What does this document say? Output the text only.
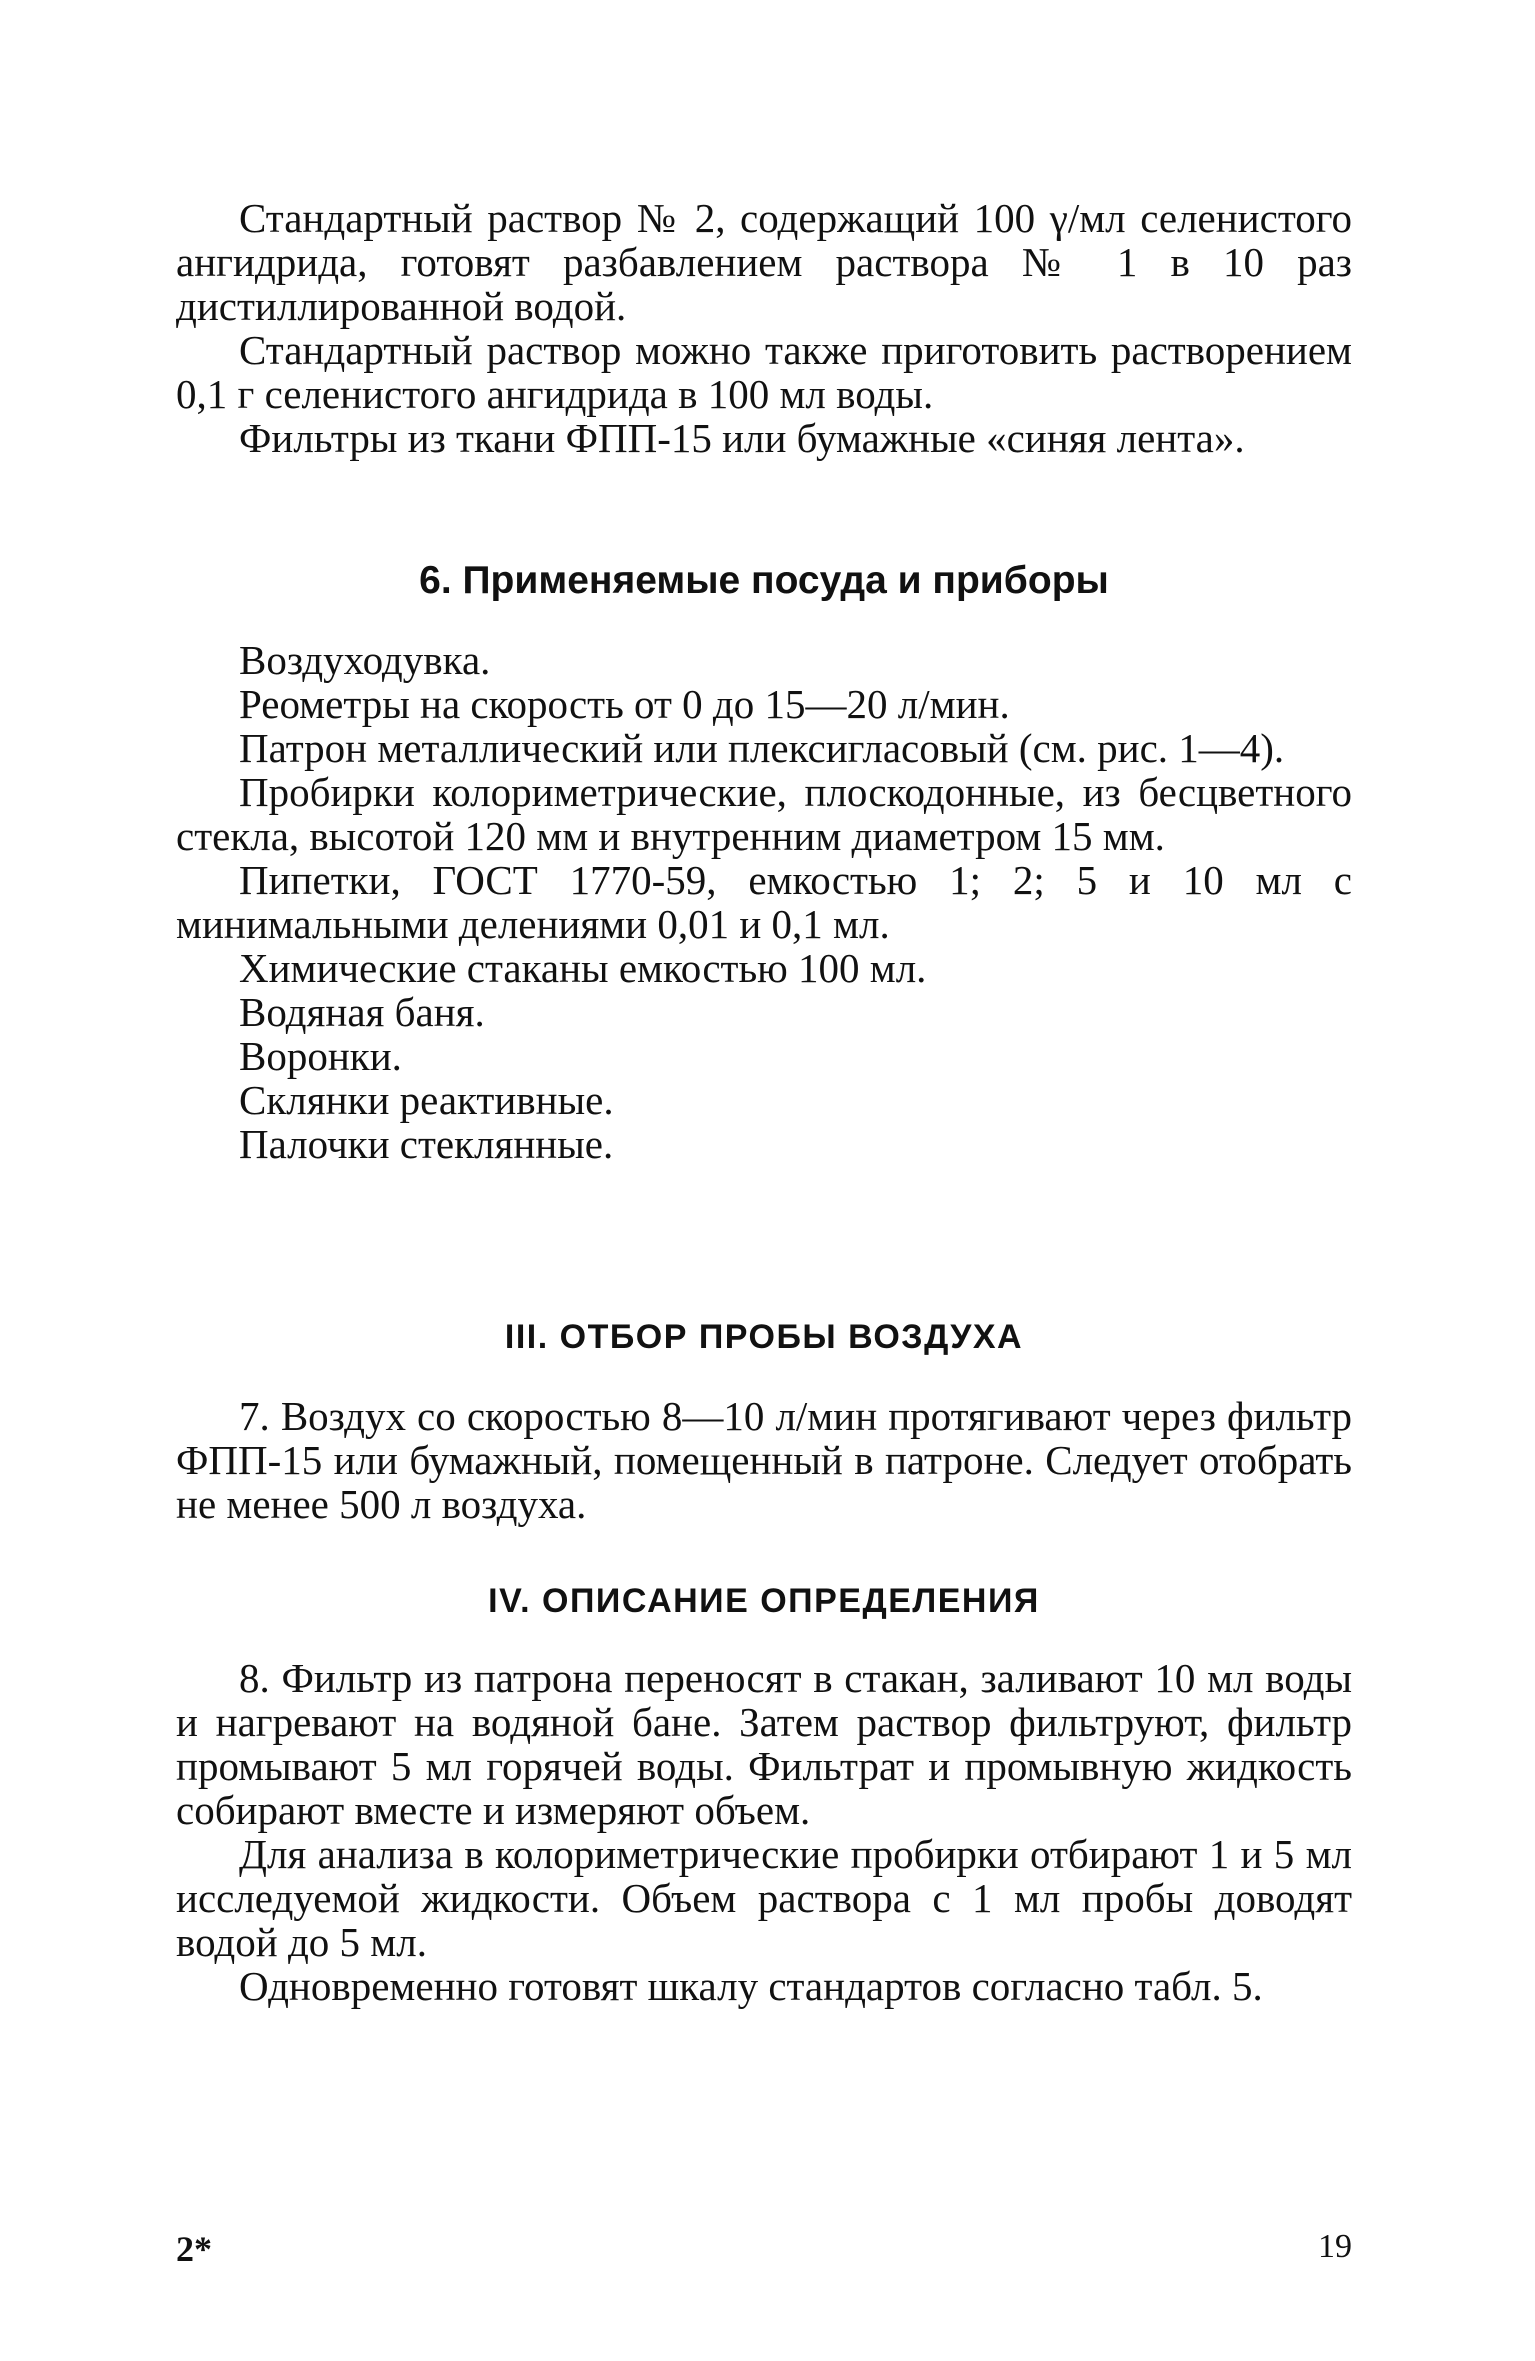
Стандартный раствор № 2, содержащий 100 γ/мл селенистого ангидрида, готовят разбавлением раствора № 1 в 10 раз дистиллированной водой.

Стандартный раствор можно также приготовить растворением 0,1 г селенистого ангидрида в 100 мл воды.

Фильтры из ткани ФПП-15 или бумажные «синяя лента».

6. Применяемые посуда и приборы

Воздуходувка.

Реометры на скорость от 0 до 15—20 л/мин.

Патрон металлический или плексигласовый (см. рис. 1—4).

Пробирки колориметрические, плоскодонные, из бесцветного стекла, высотой 120 мм и внутренним диаметром 15 мм.

Пипетки, ГОСТ 1770-59, емкостью 1; 2; 5 и 10 мл с минимальными делениями 0,01 и 0,1 мл.

Химические стаканы емкостью 100 мл.

Водяная баня.

Воронки.

Склянки реактивные.

Палочки стеклянные.

III. ОТБОР ПРОБЫ ВОЗДУХА

7. Воздух со скоростью 8—10 л/мин протягивают через фильтр ФПП-15 или бумажный, помещенный в патроне. Следует отобрать не менее 500 л воздуха.

IV. ОПИСАНИЕ ОПРЕДЕЛЕНИЯ

8. Фильтр из патрона переносят в стакан, заливают 10 мл воды и нагревают на водяной бане. Затем раствор фильтруют, фильтр промывают 5 мл горячей воды. Фильтрат и промывную жидкость собирают вместе и измеряют объем.

Для анализа в колориметрические пробирки отбирают 1 и 5 мл исследуемой жидкости. Объем раствора с 1 мл пробы доводят водой до 5 мл.

Одновременно готовят шкалу стандартов согласно табл. 5.

2*	19
